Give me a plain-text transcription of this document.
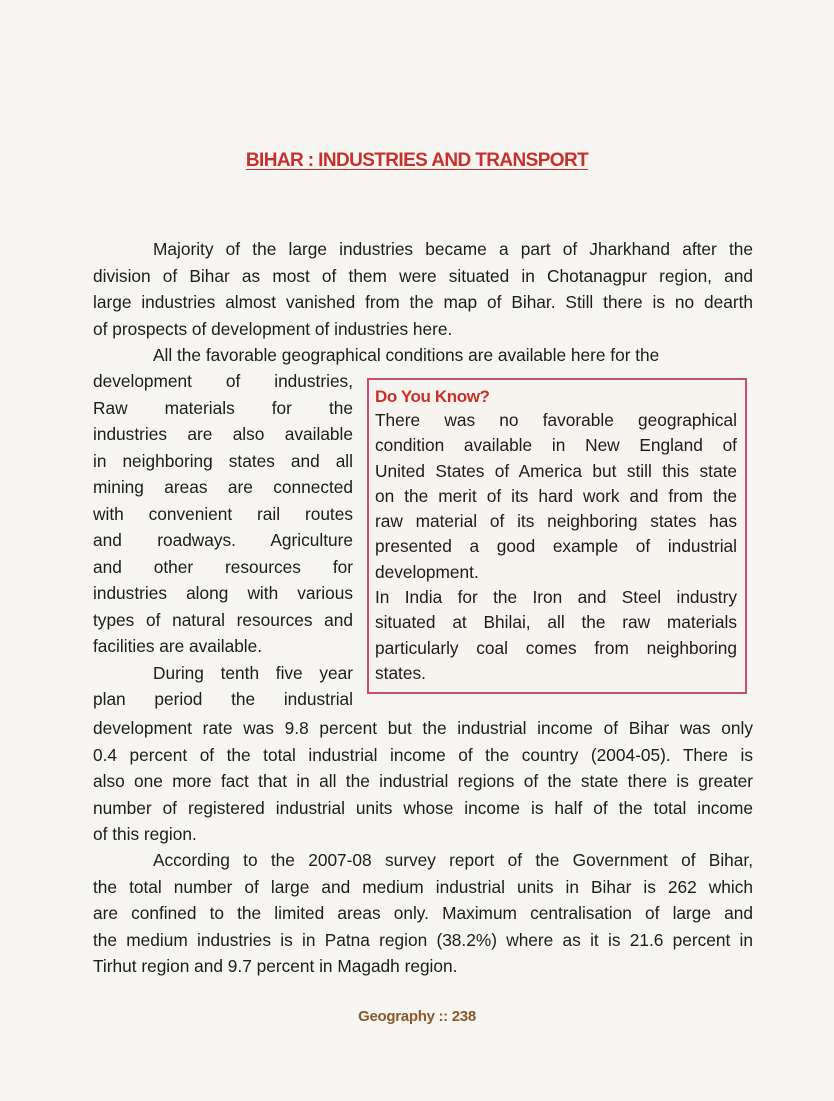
BIHAR : INDUSTRIES AND TRANSPORT
Majority of the large industries became a part of Jharkhand after the
division of Bihar as most of them were situated in Chotanagpur region, and
large industries almost vanished from the map of Bihar. Still there is no dearth
of prospects of development of industries here.
All the favorable geographical conditions are available here for the
development of industries,
Raw materials for the
industries are also available
in neighboring states and all
mining areas are connected
with convenient rail routes
and roadways. Agriculture
and other resources for
industries along with various
types of natural resources and
facilities are available.
During tenth five year
plan period the industrial
Do You Know?
There was no favorable geographical
condition available in New England of
United States of America but still this state
on the merit of its hard work and from the
raw material of its neighboring states has
presented a good example of industrial
development.
In India for the Iron and Steel industry
situated at Bhilai, all the raw materials
particularly coal comes from neighboring
states.
development rate was 9.8 percent but the industrial income of Bihar was only
0.4 percent of the total industrial income of the country (2004-05). There is
also one more fact that in all the industrial regions of the state there is greater
number of registered industrial units whose income is half of the total income
of this region.
According to the 2007-08 survey report of the Government of Bihar,
the total number of large and medium industrial units in Bihar is 262 which
are confined to the limited areas only. Maximum centralisation of large and
the medium industries is in Patna region (38.2%) where as it is 21.6 percent in
Tirhut region and 9.7 percent in Magadh region.
Geography :: 238
